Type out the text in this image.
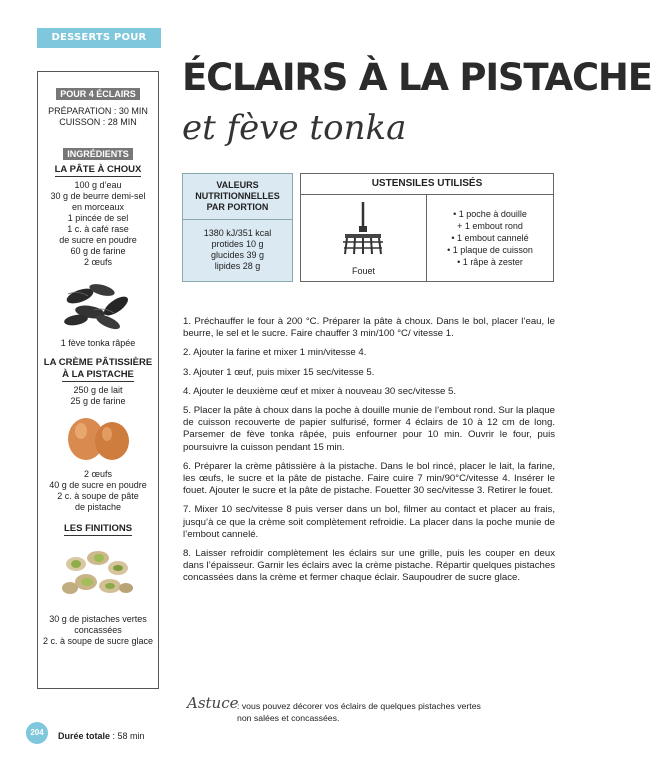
DESSERTS POUR RECEVOIR
POUR 4 ÉCLAIRS
PRÉPARATION : 30 MIN
CUISSON : 28 MIN
INGRÉDIENTS
LA PÂTE À CHOUX
100 g d’eau
30 g de beurre demi-sel
en morceaux
1 pincée de sel
1 c. à café rase
de sucre en poudre
60 g de farine
2 œufs
1 fève tonka râpée
LA CRÈME PÂTISSIÈRE
À LA PISTACHE
250 g de lait
25 g de farine
2 œufs
40 g de sucre en poudre
2 c. à soupe de pâte
de pistache
LES FINITIONS
30 g de pistaches vertes
concassées
2 c. à soupe de sucre glace
ÉCLAIRS À LA PISTACHE
et fève tonka
VALEURS
NUTRITIONNELLES
PAR PORTION
1380 kJ/351 kcal
protides 10 g
glucides 39 g
lipides 28 g
USTENSILES UTILISÉS
Fouet
• 1 poche à douille
+ 1 embout rond
• 1 embout cannelé
• 1 plaque de cuisson
• 1 râpe à zester

1. Préchauffer le four à 200 °C. Préparer la pâte à choux. Dans le bol, placer l’eau, le beurre, le sel et le sucre. Faire chauffer 3 min/100 °C/ vitesse 1.

2. Ajouter la farine et mixer 1 min/vitesse 4.

3. Ajouter 1 œuf, puis mixer 15 sec/vitesse 5.

4. Ajouter le deuxième œuf et mixer à nouveau 30 sec/vitesse 5.

5. Placer la pâte à choux dans la poche à douille munie de l’embout rond. Sur la plaque de cuisson recouverte de papier sulfurisé, former 4 éclairs de 10 à 12 cm de long. Parsemer de fève tonka râpée, puis enfourner pour 10 min. Ouvrir le four, puis poursuivre la cuisson pendant 15 min.

6. Préparer la crème pâtissière à la pistache. Dans le bol rincé, placer le lait, la farine, les œufs, le sucre et la pâte de pistache. Faire cuire 7 min/90°C/vitesse 4. Insérer le fouet. Ajouter le sucre et la pâte de pistache. Fouetter 30 sec/vitesse 3. Retirer le fouet.

7. Mixer 10 sec/vitesse 8 puis verser dans un bol, filmer au contact et placer au frais, jusqu’à ce que la crème soit complètement refroidie. La placer dans la poche munie de l’embout cannelé.

8. Laisser refroidir complètement les éclairs sur une grille, puis les couper en deux dans l’épaisseur. Garnir les éclairs avec la crème pistache. Répartir quelques pistaches concassées dans la crème et fermer chaque éclair. Saupoudrer de sucre glace.

Astuce
: vous pouvez décorer vos éclairs de quelques pistaches vertes
non salées et concassées.
204	Durée totale : 58 min
